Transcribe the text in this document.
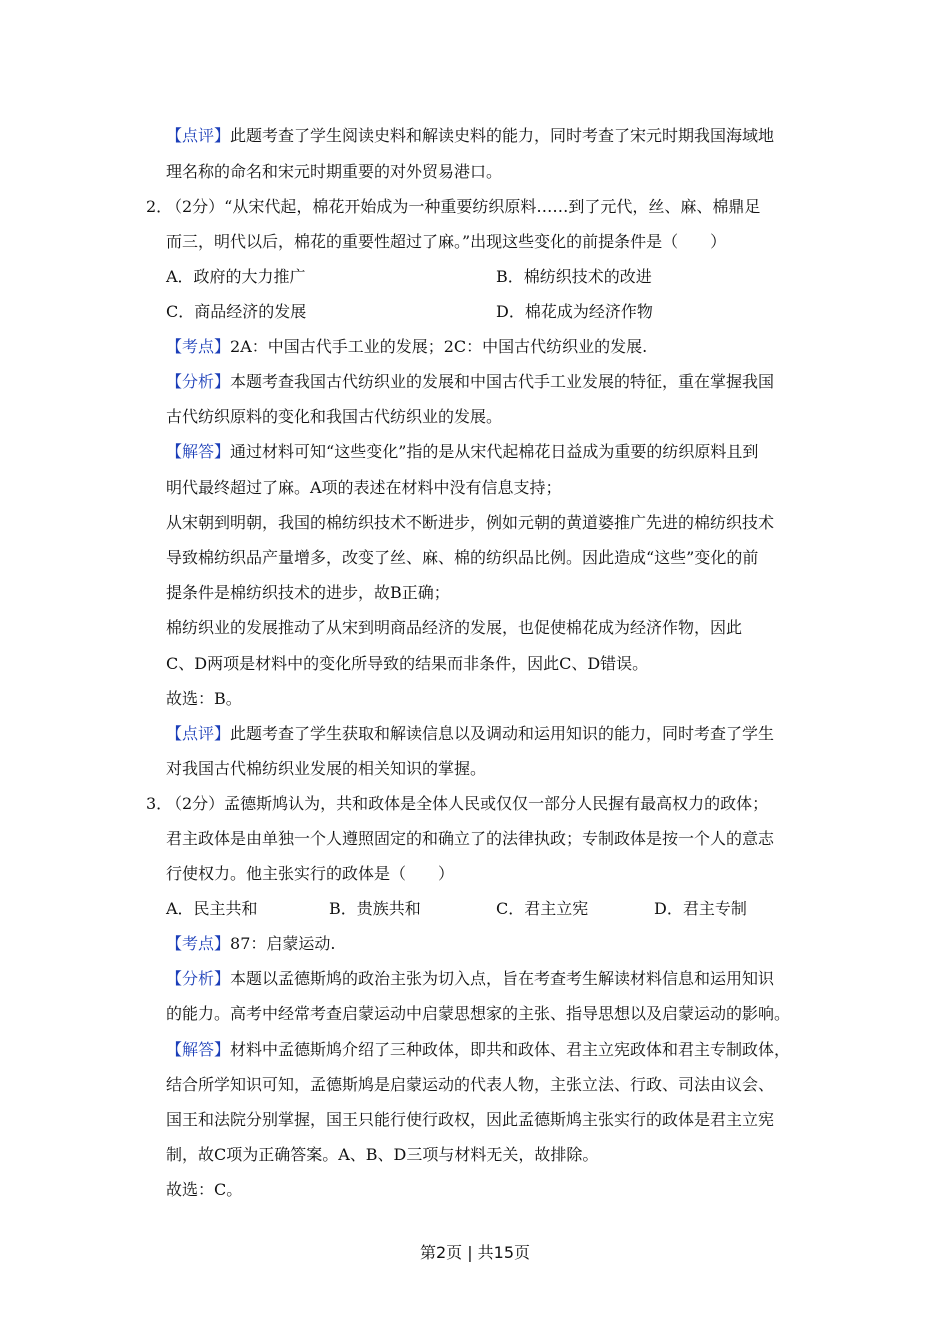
【点评】此题考查了学生阅读史料和解读史料的能力，同时考查了宋元时期我国海域地
理名称的命名和宋元时期重要的对外贸易港口。
2．
（2分）“从宋代起，棉花开始成为一种重要纺织原料……到了元代，丝、麻、棉鼎足
而三，明代以后，棉花的重要性超过了麻。”出现这些变化的前提条件是（　　）
A．政府的大力推广	B．棉纺织技术的改进
C．商品经济的发展	D．棉花成为经济作物
【考点】2A：中国古代手工业的发展；2C：中国古代纺织业的发展.
【分析】本题考查我国古代纺织业的发展和中国古代手工业发展的特征，重在掌握我国
古代纺织原料的变化和我国古代纺织业的发展。
【解答】通过材料可知“这些变化”指的是从宋代起棉花日益成为重要的纺织原料且到
明代最终超过了麻。A项的表述在材料中没有信息支持；
从宋朝到明朝，我国的棉纺织技术不断进步，例如元朝的黄道婆推广先进的棉纺织技术
导致棉纺织品产量增多，改变了丝、麻、棉的纺织品比例。因此造成“这些”变化的前
提条件是棉纺织技术的进步，故B正确；
棉纺织业的发展推动了从宋到明商品经济的发展，也促使棉花成为经济作物，因此
C、D两项是材料中的变化所导致的结果而非条件，因此C、D错误。
故选：B。
【点评】此题考查了学生获取和解读信息以及调动和运用知识的能力，同时考查了学生
对我国古代棉纺织业发展的相关知识的掌握。
3．
（2分）孟德斯鸠认为，共和政体是全体人民或仅仅一部分人民握有最高权力的政体；
君主政体是由单独一个人遵照固定的和确立了的法律执政；专制政体是按一个人的意志
行使权力。他主张实行的政体是（　　）
A．民主共和	B．贵族共和	C．君主立宪	D．君主专制
【考点】87：启蒙运动.
【分析】本题以孟德斯鸠的政治主张为切入点，旨在考查考生解读材料信息和运用知识
的能力。高考中经常考查启蒙运动中启蒙思想家的主张、指导思想以及启蒙运动的影响。
【解答】材料中孟德斯鸠介绍了三种政体，即共和政体、君主立宪政体和君主专制政体，
结合所学知识可知，孟德斯鸠是启蒙运动的代表人物，主张立法、行政、司法由议会、
国王和法院分别掌握，国王只能行使行政权，因此孟德斯鸠主张实行的政体是君主立宪
制，故C项为正确答案。A、B、D三项与材料无关，故排除。
故选：C。
第2页 | 共15页
